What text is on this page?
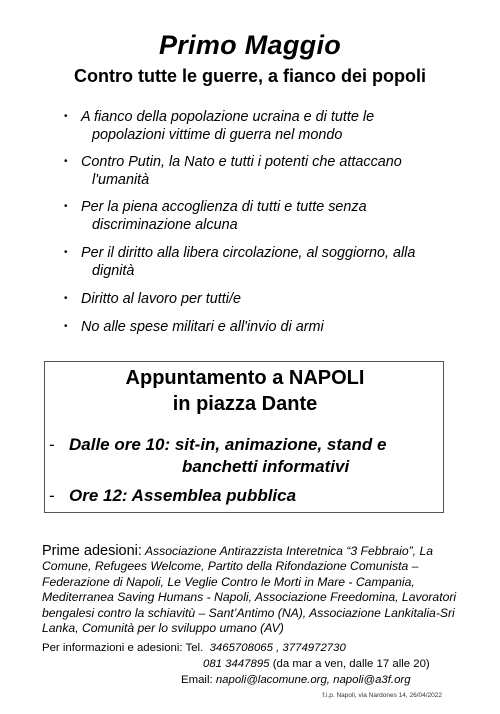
Primo Maggio
Contro tutte le guerre, a fianco dei popoli
• A fianco della popolazione ucraina e di tutte le
popolazioni vittime di guerra nel mondo
• Contro Putin, la Nato e tutti i potenti che attaccano
l'umanità
• Per la piena accoglienza di tutti e tutte senza
discriminazione alcuna
• Per il diritto alla libera circolazione, al soggiorno, alla
dignità
• Diritto al lavoro per tutti/e
• No alle spese militari e all'invio di armi
Appuntamento a NAPOLI
in piazza Dante
- Dalle ore 10: sit-in, animazione, stand e
banchetti informativi
- Ore 12: Assemblea pubblica
Prime adesioni: Associazione Antirazzista Interetnica “3 Febbraio”, La Comune, Refugees Welcome, Partito della Rifondazione Comunista – Federazione di Napoli, Le Veglie Contro le Morti in Mare - Campania, Mediterranea Saving Humans - Napoli, Associazione Freedomina, Lavoratori bengalesi contro la schiavitù – Sant’Antimo (NA), Associazione Lankitalia-Sri Lanka, Comunità per lo sviluppo umano (AV)
Per informazioni e adesioni: Tel. 3465708065 , 3774972730
081 3447895 (da mar a ven, dalle 17 alle 20)
Email: napoli@lacomune.org, napoli@a3f.org
f.i.p. Napoli, via Nardones 14, 26/04/2022
